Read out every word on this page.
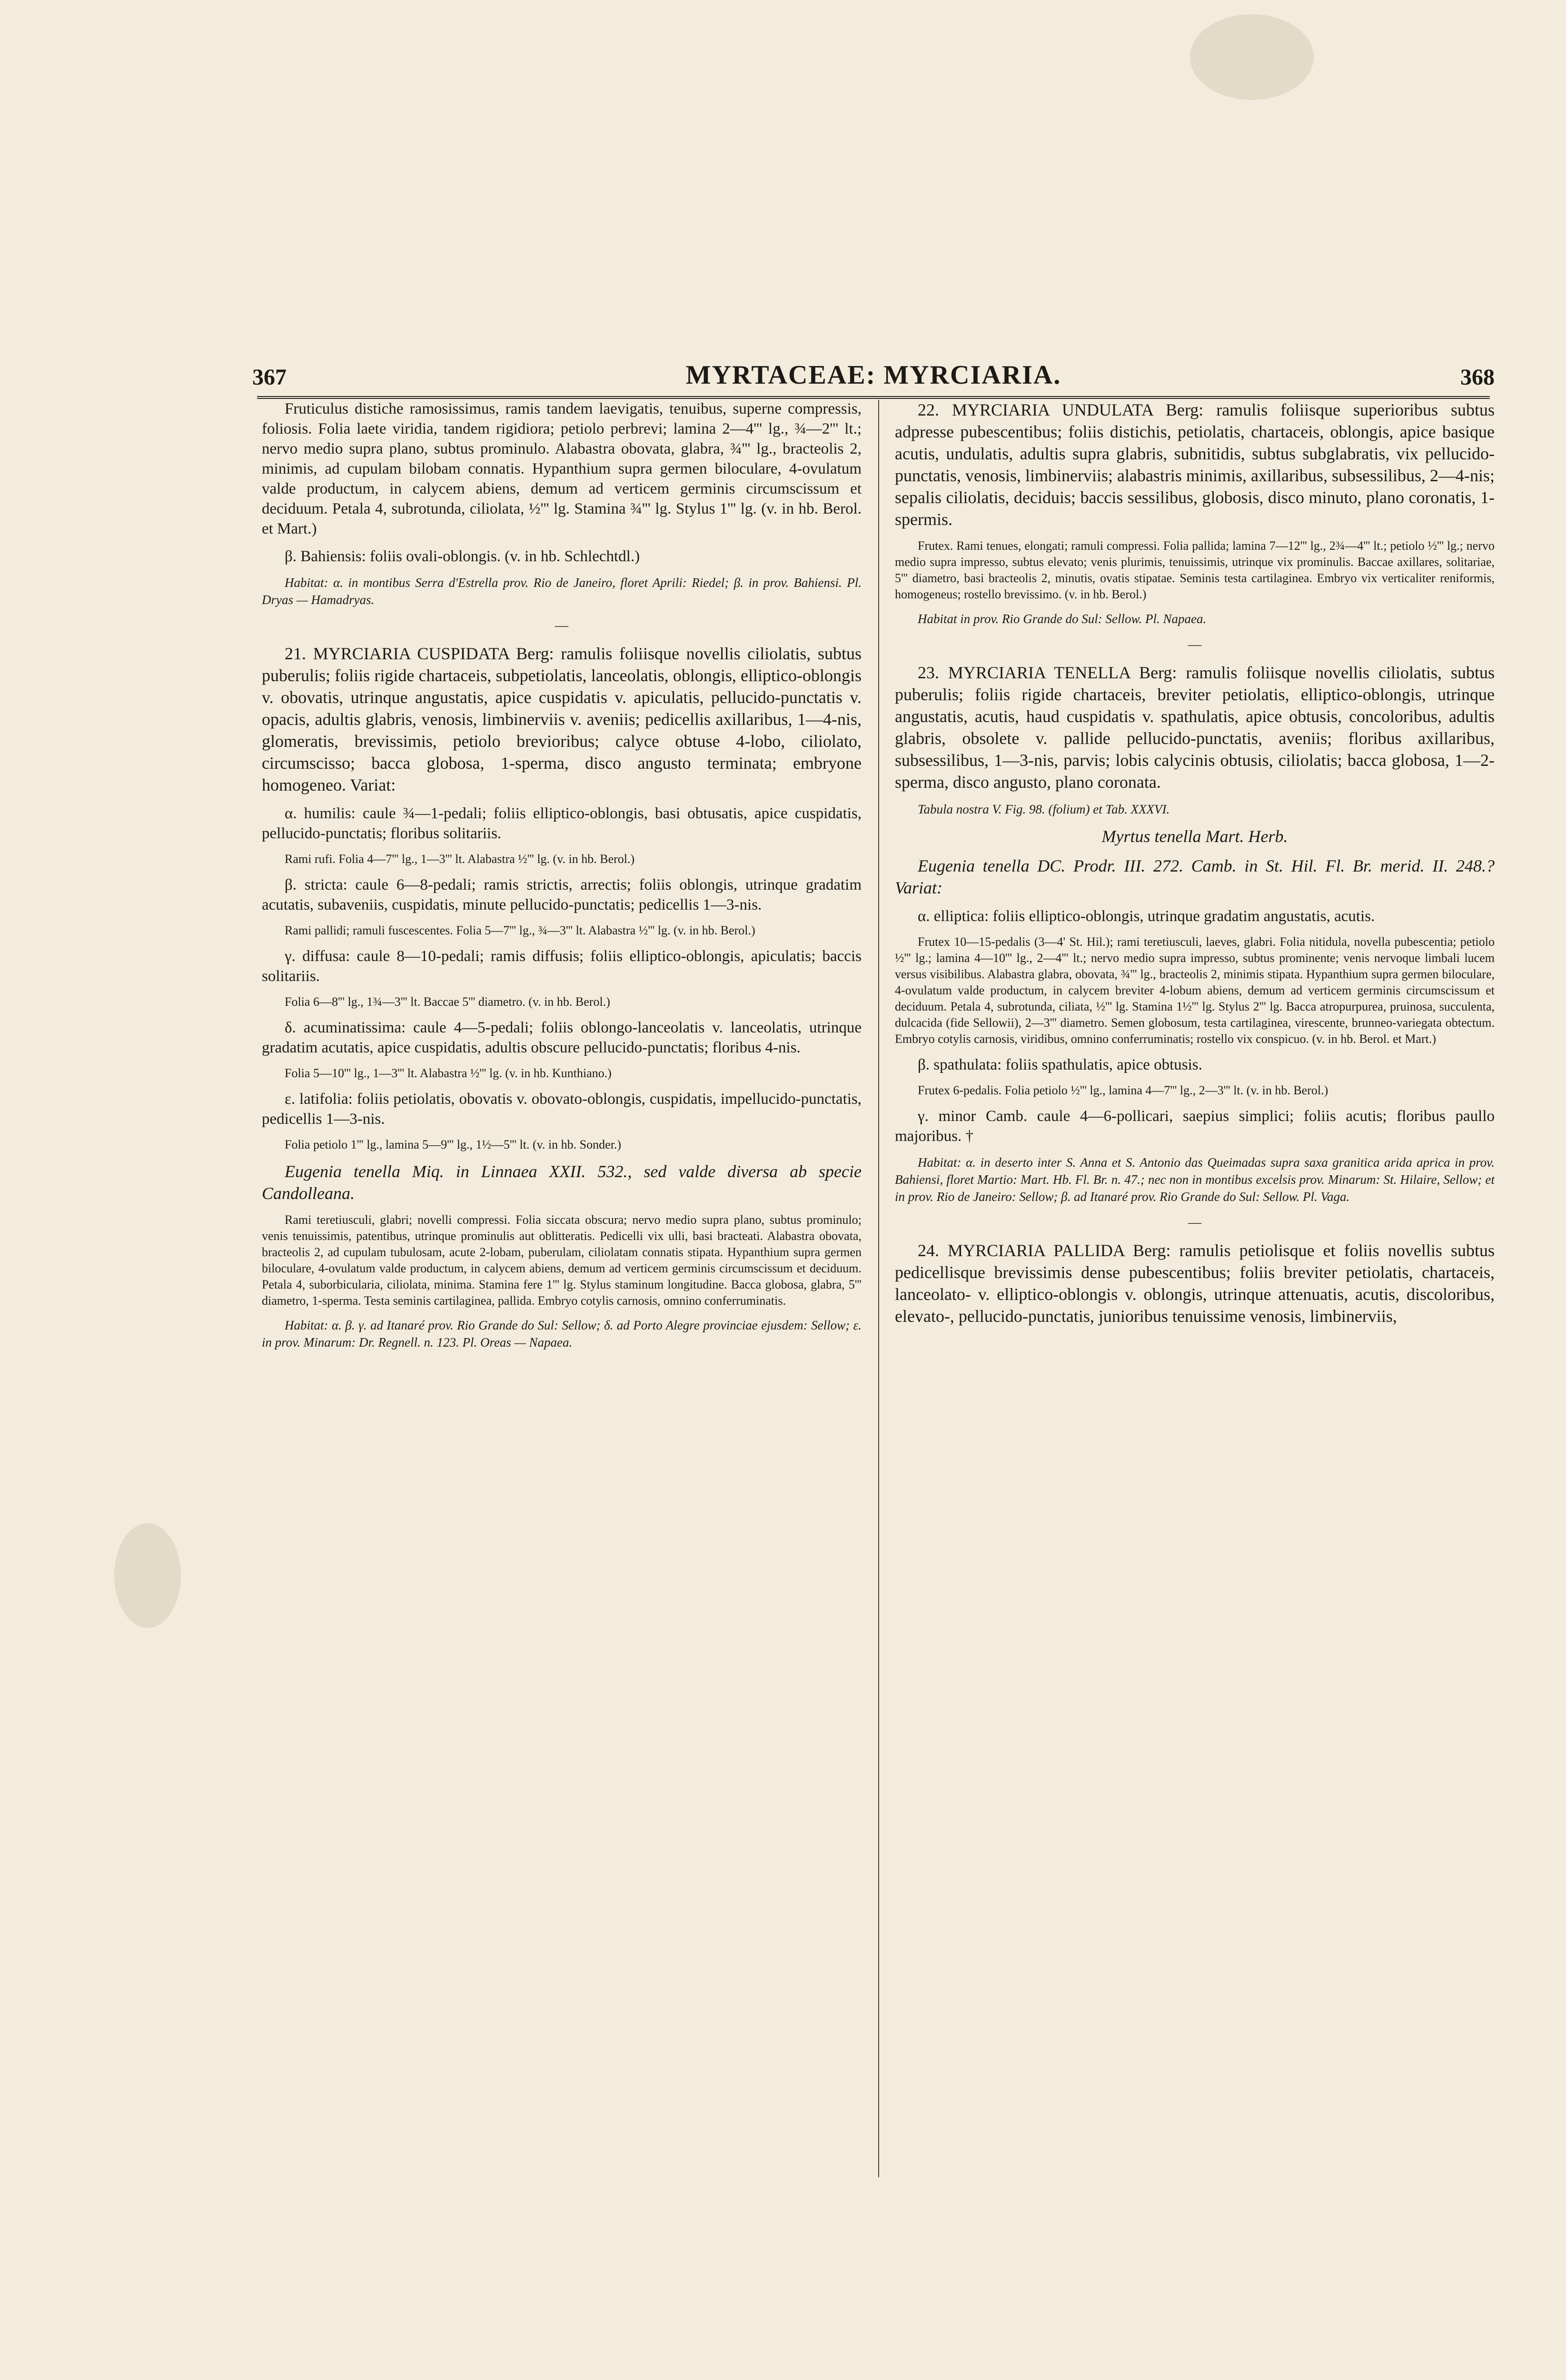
367	MYRTACEAE: MYRCIARIA.	368

Fruticulus distiche ramosissimus, ramis tandem laevigatis, tenuibus, superne compressis, foliosis. Folia laete viridia, tandem rigidiora; petiolo perbrevi; lamina 2—4''' lg., ¾—2''' lt.; nervo medio supra plano, subtus prominulo. Alabastra obovata, glabra, ¾''' lg., bracteolis 2, minimis, ad cupulam bilobam connatis. Hypanthium supra germen biloculare, 4-ovulatum valde productum, in calycem abiens, demum ad verticem germinis circumscissum et deciduum. Petala 4, subrotunda, ciliolata, ½''' lg. Stamina ¾''' lg. Stylus 1''' lg. (v. in hb. Berol. et Mart.)

β. Bahiensis: foliis ovali-oblongis. (v. in hb. Schlechtdl.)

Habitat: α. in montibus Serra d'Estrella prov. Rio de Janeiro, floret Aprili: Riedel; β. in prov. Bahiensi. Pl. Dryas — Hamadryas.

—

21. MYRCIARIA CUSPIDATA Berg: ramulis foliisque novellis ciliolatis, subtus puberulis; foliis rigide chartaceis, subpetiolatis, lanceolatis, oblongis, elliptico-oblongis v. obovatis, utrinque angustatis, apice cuspidatis v. apiculatis, pellucido-punctatis v. opacis, adultis glabris, venosis, limbinerviis v. aveniis; pedicellis axillaribus, 1—4-nis, glomeratis, brevissimis, petiolo brevioribus; calyce obtuse 4-lobo, ciliolato, circumscisso; bacca globosa, 1-sperma, disco angusto terminata; embryone homogeneo. Variat:

α. humilis: caule ¾—1-pedali; foliis elliptico-oblongis, basi obtusatis, apice cuspidatis, pellucido-punctatis; floribus solitariis.

Rami rufi. Folia 4—7''' lg., 1—3''' lt. Alabastra ½''' lg. (v. in hb. Berol.)

β. stricta: caule 6—8-pedali; ramis strictis, arrectis; foliis oblongis, utrinque gradatim acutatis, subaveniis, cuspidatis, minute pellucido-punctatis; pedicellis 1—3-nis.

Rami pallidi; ramuli fuscescentes. Folia 5—7''' lg., ¾—3''' lt. Alabastra ½''' lg. (v. in hb. Berol.)

γ. diffusa: caule 8—10-pedali; ramis diffusis; foliis elliptico-oblongis, apiculatis; baccis solitariis.

Folia 6—8''' lg., 1¾—3''' lt. Baccae 5''' diametro. (v. in hb. Berol.)

δ. acuminatissima: caule 4—5-pedali; foliis oblongo-lanceolatis v. lanceolatis, utrinque gradatim acutatis, apice cuspidatis, adultis obscure pellucido-punctatis; floribus 4-nis.

Folia 5—10''' lg., 1—3''' lt. Alabastra ½''' lg. (v. in hb. Kunthiano.)

ε. latifolia: foliis petiolatis, obovatis v. obovato-oblongis, cuspidatis, impellucido-punctatis, pedicellis 1—3-nis.

Folia petiolo 1''' lg., lamina 5—9''' lg., 1½—5''' lt. (v. in hb. Sonder.)

Eugenia tenella Miq. in Linnaea XXII. 532., sed valde diversa ab specie Candolleana.

Rami teretiusculi, glabri; novelli compressi. Folia siccata obscura; nervo medio supra plano, subtus prominulo; venis tenuissimis, patentibus, utrinque prominulis aut oblitteratis. Pedicelli vix ulli, basi bracteati. Alabastra obovata, bracteolis 2, ad cupulam tubulosam, acute 2-lobam, puberulam, ciliolatam connatis stipata. Hypanthium supra germen biloculare, 4-ovulatum valde productum, in calycem abiens, demum ad verticem germinis circumscissum et deciduum. Petala 4, suborbicularia, ciliolata, minima. Stamina fere 1''' lg. Stylus staminum longitudine. Bacca globosa, glabra, 5''' diametro, 1-sperma. Testa seminis cartilaginea, pallida. Embryo cotylis carnosis, omnino conferruminatis.

Habitat: α. β. γ. ad Itanaré prov. Rio Grande do Sul: Sellow; δ. ad Porto Alegre provinciae ejusdem: Sellow; ε. in prov. Minarum: Dr. Regnell. n. 123. Pl. Oreas — Napaea.

22. MYRCIARIA UNDULATA Berg: ramulis foliisque superioribus subtus adpresse pubescentibus; foliis distichis, petiolatis, chartaceis, oblongis, apice basique acutis, undulatis, adultis supra glabris, subnitidis, subtus subglabratis, vix pellucido-punctatis, venosis, limbinerviis; alabastris minimis, axillaribus, subsessilibus, 2—4-nis; sepalis ciliolatis, deciduis; baccis sessilibus, globosis, disco minuto, plano coronatis, 1-spermis.

Frutex. Rami tenues, elongati; ramuli compressi. Folia pallida; lamina 7—12''' lg., 2¾—4''' lt.; petiolo ½''' lg.; nervo medio supra impresso, subtus elevato; venis plurimis, tenuissimis, utrinque vix prominulis. Baccae axillares, solitariae, 5''' diametro, basi bracteolis 2, minutis, ovatis stipatae. Seminis testa cartilaginea. Embryo vix verticaliter reniformis, homogeneus; rostello brevissimo. (v. in hb. Berol.)

Habitat in prov. Rio Grande do Sul: Sellow. Pl. Napaea.

—

23. MYRCIARIA TENELLA Berg: ramulis foliisque novellis ciliolatis, subtus puberulis; foliis rigide chartaceis, breviter petiolatis, elliptico-oblongis, utrinque angustatis, acutis, haud cuspidatis v. spathulatis, apice obtusis, concoloribus, adultis glabris, obsolete v. pallide pellucido-punctatis, aveniis; floribus axillaribus, subsessilibus, 1—3-nis, parvis; lobis calycinis obtusis, ciliolatis; bacca globosa, 1—2-sperma, disco angusto, plano coronata.

Tabula nostra V. Fig. 98. (folium) et Tab. XXXVI.

Myrtus tenella Mart. Herb.

Eugenia tenella DC. Prodr. III. 272. Camb. in St. Hil. Fl. Br. merid. II. 248.? Variat:

α. elliptica: foliis elliptico-oblongis, utrinque gradatim angustatis, acutis.

Frutex 10—15-pedalis (3—4' St. Hil.); rami teretiusculi, laeves, glabri. Folia nitidula, novella pubescentia; petiolo ½''' lg.; lamina 4—10''' lg., 2—4''' lt.; nervo medio supra impresso, subtus prominente; venis nervoque limbali lucem versus visibilibus. Alabastra glabra, obovata, ¾''' lg., bracteolis 2, minimis stipata. Hypanthium supra germen biloculare, 4-ovulatum valde productum, in calycem breviter 4-lobum abiens, demum ad verticem germinis circumscissum et deciduum. Petala 4, subrotunda, ciliata, ½''' lg. Stamina 1½''' lg. Stylus 2''' lg. Bacca atropurpurea, pruinosa, succulenta, dulcacida (fide Sellowii), 2—3''' diametro. Semen globosum, testa cartilaginea, virescente, brunneo-variegata obtectum. Embryo cotylis carnosis, viridibus, omnino conferruminatis; rostello vix conspicuo. (v. in hb. Berol. et Mart.)

β. spathulata: foliis spathulatis, apice obtusis.

Frutex 6-pedalis. Folia petiolo ½''' lg., lamina 4—7''' lg., 2—3''' lt. (v. in hb. Berol.)

γ. minor Camb. caule 4—6-pollicari, saepius simplici; foliis acutis; floribus paullo majoribus. †

Habitat: α. in deserto inter S. Anna et S. Antonio das Queimadas supra saxa granitica arida aprica in prov. Bahiensi, floret Martio: Mart. Hb. Fl. Br. n. 47.; nec non in montibus excelsis prov. Minarum: St. Hilaire, Sellow; et in prov. Rio de Janeiro: Sellow; β. ad Itanaré prov. Rio Grande do Sul: Sellow. Pl. Vaga.

—

24. MYRCIARIA PALLIDA Berg: ramulis petiolisque et foliis novellis subtus pedicellisque brevissimis dense pubescentibus; foliis breviter petiolatis, chartaceis, lanceolato- v. elliptico-oblongis v. oblongis, utrinque attenuatis, acutis, discoloribus, elevato-, pellucido-punctatis, junioribus tenuissime venosis, limbinerviis,
